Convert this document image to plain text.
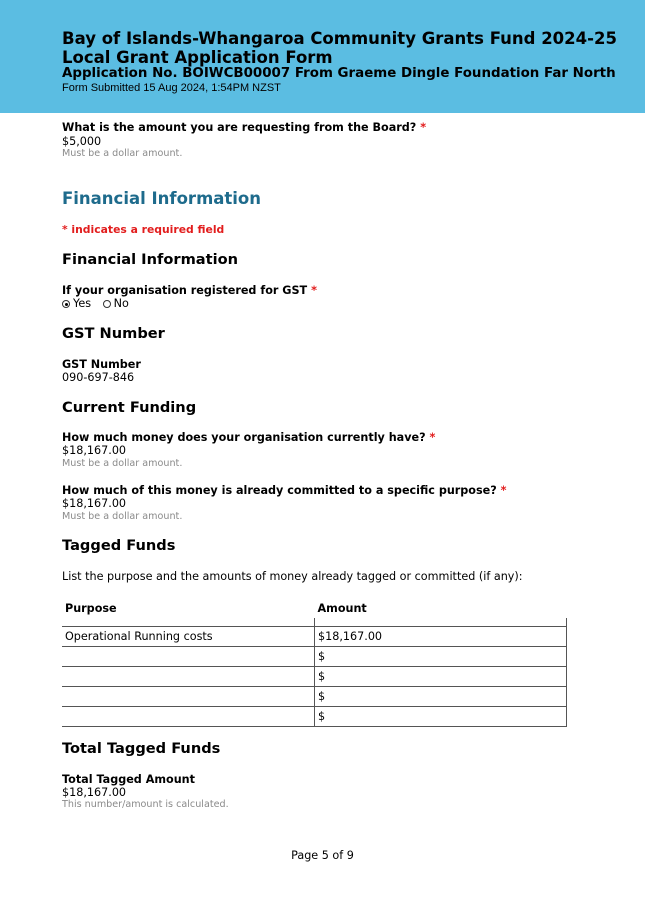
Bay of Islands-Whangaroa Community Grants Fund 2024-25
Local Grant Application Form
Application No. BOIWCB00007 From Graeme Dingle Foundation Far North
Form Submitted 15 Aug 2024, 1:54PM NZST
What is the amount you are requesting from the Board? *
$5,000
Must be a dollar amount.
Financial Information
* indicates a required field
Financial Information
If your organisation registered for GST *
Yes No
GST Number
GST Number
090-697-846
Current Funding
How much money does your organisation currently have? *
$18,167.00
Must be a dollar amount.
How much of this money is already committed to a specific purpose? *
$18,167.00
Must be a dollar amount.
Tagged Funds
List the purpose and the amounts of money already tagged or committed (if any):
Purpose	Amount

Operational Running costs	$18,167.00
	$
	$
	$
	$
Total Tagged Funds
Total Tagged Amount
$18,167.00
This number/amount is calculated.
Page 5 of 9
